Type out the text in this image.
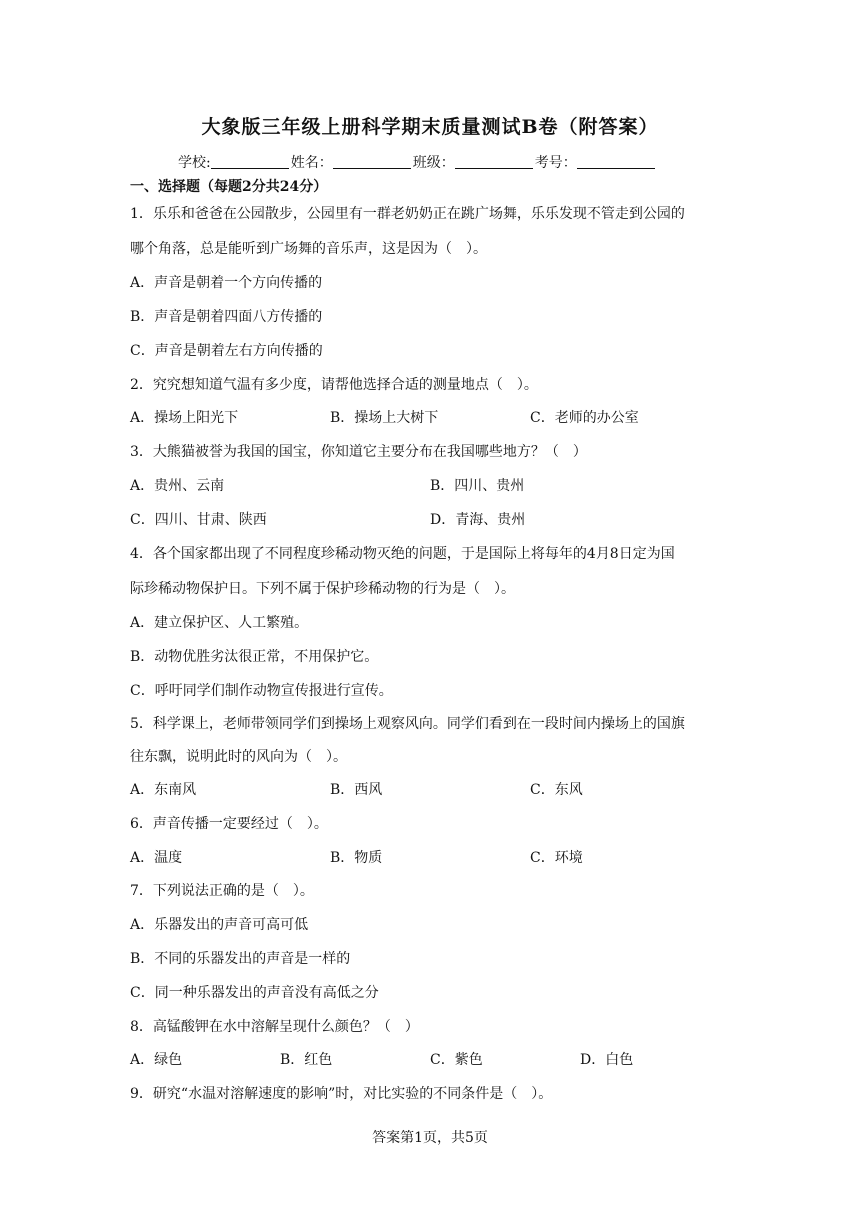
大象版三年级上册科学期末质量测试B卷（附答案）
学校:	姓名：	班级：	考号：
一、选择题（每题2分共24分）
1．乐乐和爸爸在公园散步，公园里有一群老奶奶正在跳广场舞，乐乐发现不管走到公园的
哪个角落，总是能听到广场舞的音乐声，这是因为（　）。
A．声音是朝着一个方向传播的
B．声音是朝着四面八方传播的
C．声音是朝着左右方向传播的
2．究究想知道气温有多少度，请帮他选择合适的测量地点（　）。
A．操场上阳光下	B．操场上大树下	C．老师的办公室
3．大熊猫被誉为我国的国宝，你知道它主要分布在我国哪些地方？（　）
A．贵州、云南	B．四川、贵州
C．四川、甘肃、陕西	D．青海、贵州
4．各个国家都出现了不同程度珍稀动物灭绝的问题，于是国际上将每年的4月8日定为国
际珍稀动物保护日。下列不属于保护珍稀动物的行为是（　）。
A．建立保护区、人工繁殖。
B．动物优胜劣汰很正常，不用保护它。
C．呼吁同学们制作动物宣传报进行宣传。
5．科学课上，老师带领同学们到操场上观察风向。同学们看到在一段时间内操场上的国旗
往东飘，说明此时的风向为（　）。
A．东南风	B．西风	C．东风
6．声音传播一定要经过（　）。
A．温度	B．物质	C．环境
7．下列说法正确的是（　）。
A．乐器发出的声音可高可低
B．不同的乐器发出的声音是一样的
C．同一种乐器发出的声音没有高低之分
8．高锰酸钾在水中溶解呈现什么颜色？（　）
A．绿色	B．红色	C．紫色	D．白色
9．研究“水温对溶解速度的影响”时，对比实验的不同条件是（　）。
答案第1页，共5页
